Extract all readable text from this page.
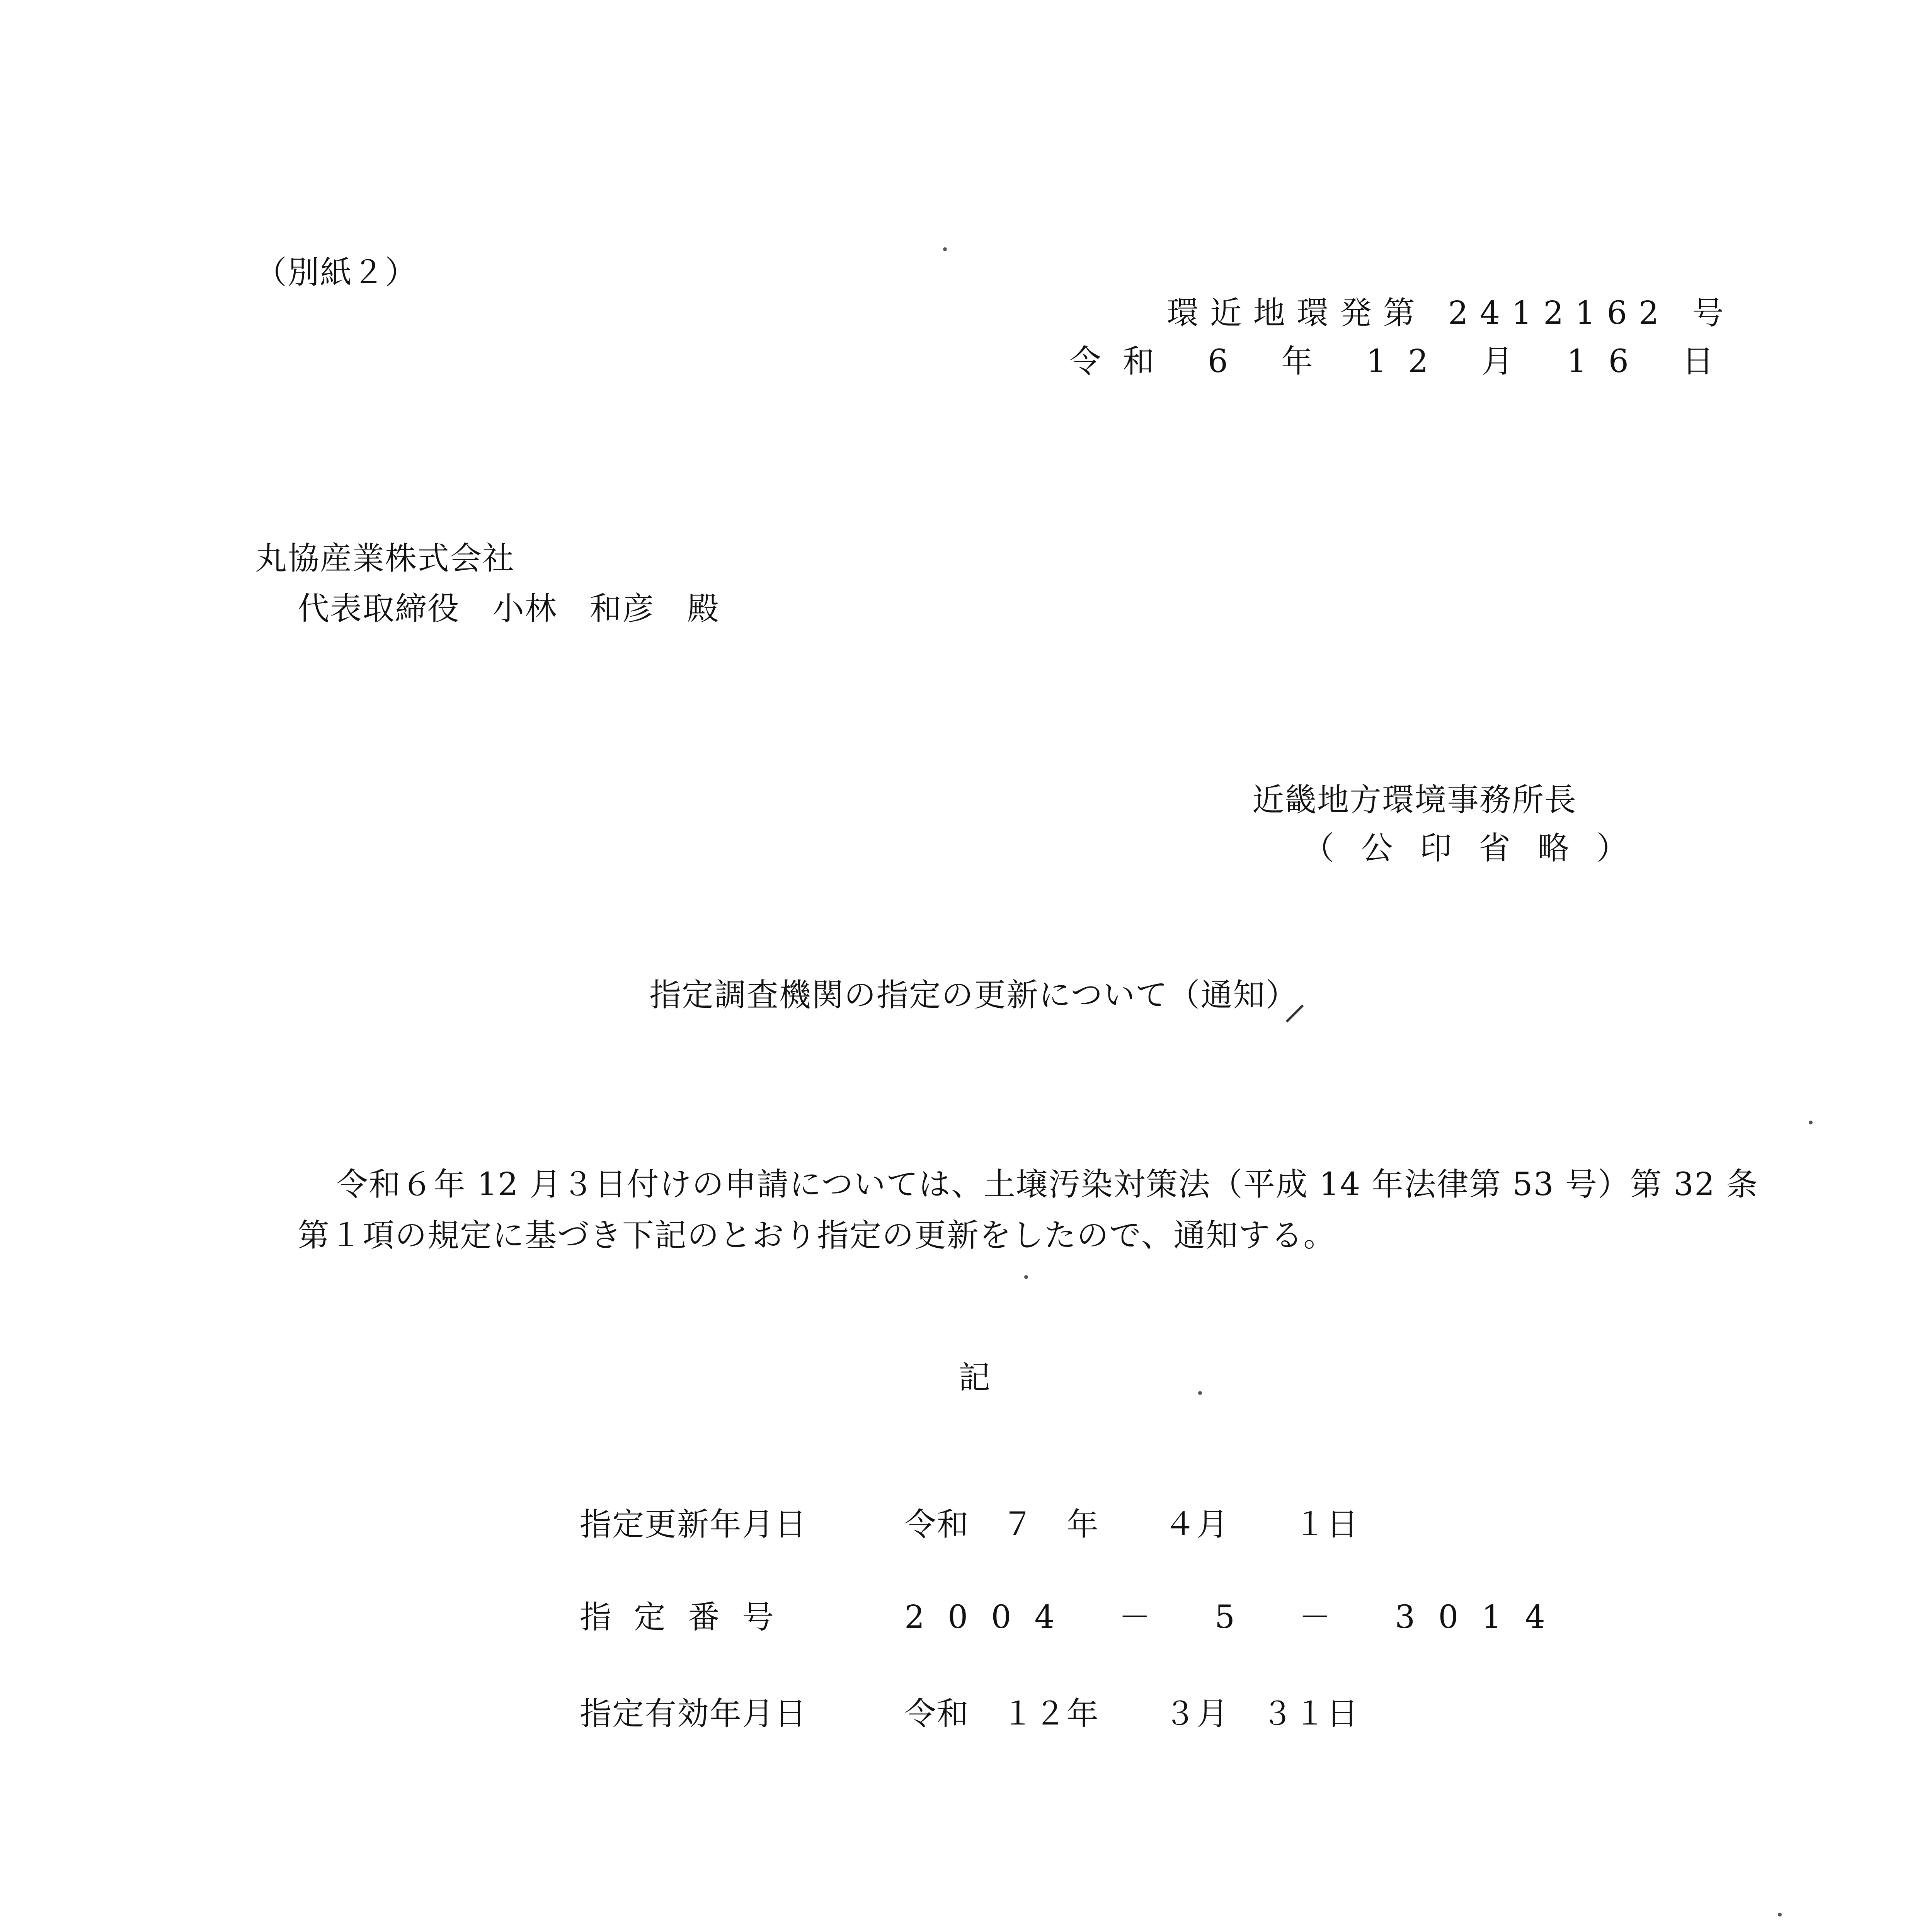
（別紙２）
環近地環発第 2412162 号
令和 6 年 12 月 16 日
丸協産業株式会社
代表取締役　小林　和彦　殿
近畿地方環境事務所長
（公印省略）
指定調査機関の指定の更新について（通知）
令和６年 12 月３日付けの申請については、土壌汚染対策法（平成 14 年法律第 53 号）第 32 条第１項の規定に基づき下記のとおり指定の更新をしたので、通知する。
記
指定更新年月日	令和　７　年　　４月　　１日
指定番号	2004 － 5 － 3014
指定有効年月日	令和　１２年　　３月　３１日
